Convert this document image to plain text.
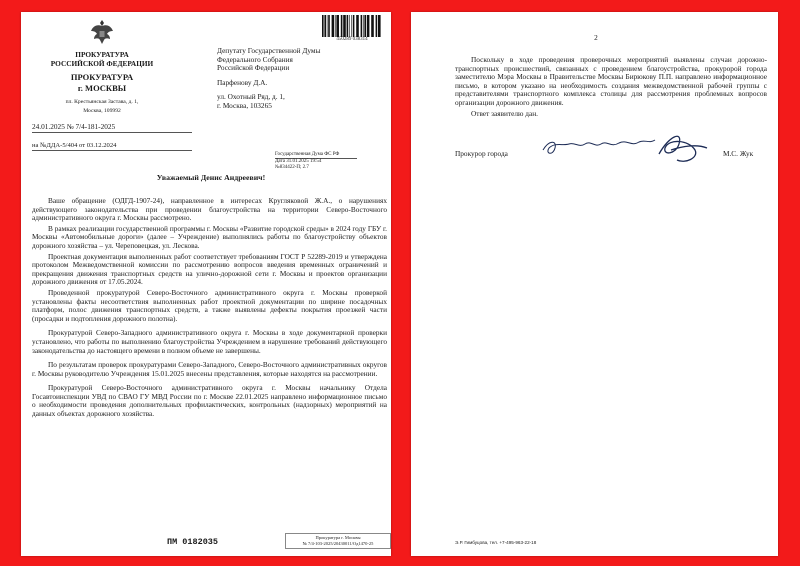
ПРОКУРАТУРА
РОССИЙСКОЙ ФЕДЕРАЦИИ
ПРОКУРАТУРА
г. МОСКВЫ
пл. Крестьянская Застава, д. 1,
Москва, 109992
24.01.2025 № 7/4-181-2025
на №ДДА-5/404 от 03.12.2024
450289 038314
Депутату Государственной Думы
Федерального Собрания
Российской Федерации
Парфенову Д.А.
ул. Охотный Ряд, д. 1,
г. Москва, 103265
Государственная Дума ФС РФ
Дата 31.01.2025 19:54
№834422-П; 2.7
Уважаемый Денис Андреевич!

Ваше обращение (ОДГД-1907-24), направленное в интересах Кругляковой Ж.А., о нарушениях действующего законодательства при проведении благоустройства на территории Северо-Восточного административного округа г. Москвы рассмотрено.

В рамках реализации государственной программы г. Москвы «Развитие городской среды» в 2024 году ГБУ г. Москвы «Автомобильные дороги» (далее – Учреждение) выполнялись работы по благоустройству объектов дорожного хозяйства – ул. Череповецкая, ул. Лескова.

Проектная документация выполненных работ соответствует требованиям ГОСТ Р 52289-2019 и утверждена протоколом Межведомственной комиссии по рассмотрению вопросов введения временных ограничений и прекращения движения транспортных средств на улично-дорожной сети г. Москвы и проектов организации дорожного движения от 17.05.2024.

Проведенной прокуратурой Северо-Восточного административного округа г. Москвы проверкой установлены факты несоответствия выполненных работ проектной документации по ширине посадочных платформ, полос движения транспортных средств, а также выявлены дефекты покрытия проезжей части (просадки и подтопления дорожного полотна).

Прокуратурой Северо-Западного административного округа г. Москвы в ходе документарной проверки установлено, что работы по выполнению благоустройства Учреждением в нарушение требований действующего законодательства до настоящего времени в полном объеме не завершены.

По результатам проверок прокуратурами Северо-Западного, Северо-Восточного административных округов г. Москвы руководителю Учреждения 15.01.2025 внесены представления, которые находятся на рассмотрении.

Прокуратурой Северо-Восточного административного округа г. Москвы начальнику Отдела Госавтоинспекции УВД по СВАО ГУ МВД России по г. Москве 22.01.2025 направлено информационное письмо о необходимости проведения дополнительных профилактических, контрольных (надзорных) мероприятий на данных объектах дорожного хозяйства.

ПМ 0182035	Прокуратура г. Москвы
№ 7/4-103-2025/20430011/Од1470-25
2

Поскольку в ходе проведения проверочных мероприятий выявлены случаи дорожно-транспортных происшествий, связанных с проведением благоустройства, прокуророй города заместителю Мэра Москвы в Правительстве Москвы Бирюкову П.П. направлено информационное письмо, в котором указано на необходимость создания межведомственной рабочей группы с представителями транспортного комплекса столицы для рассмотрения проблемных вопросов организации дорожного движения.

Ответ заявителю дан.

Прокурор города	М.С. Жук
Э.Р. Гимбуцова, тел. +7-495-963-22-18
